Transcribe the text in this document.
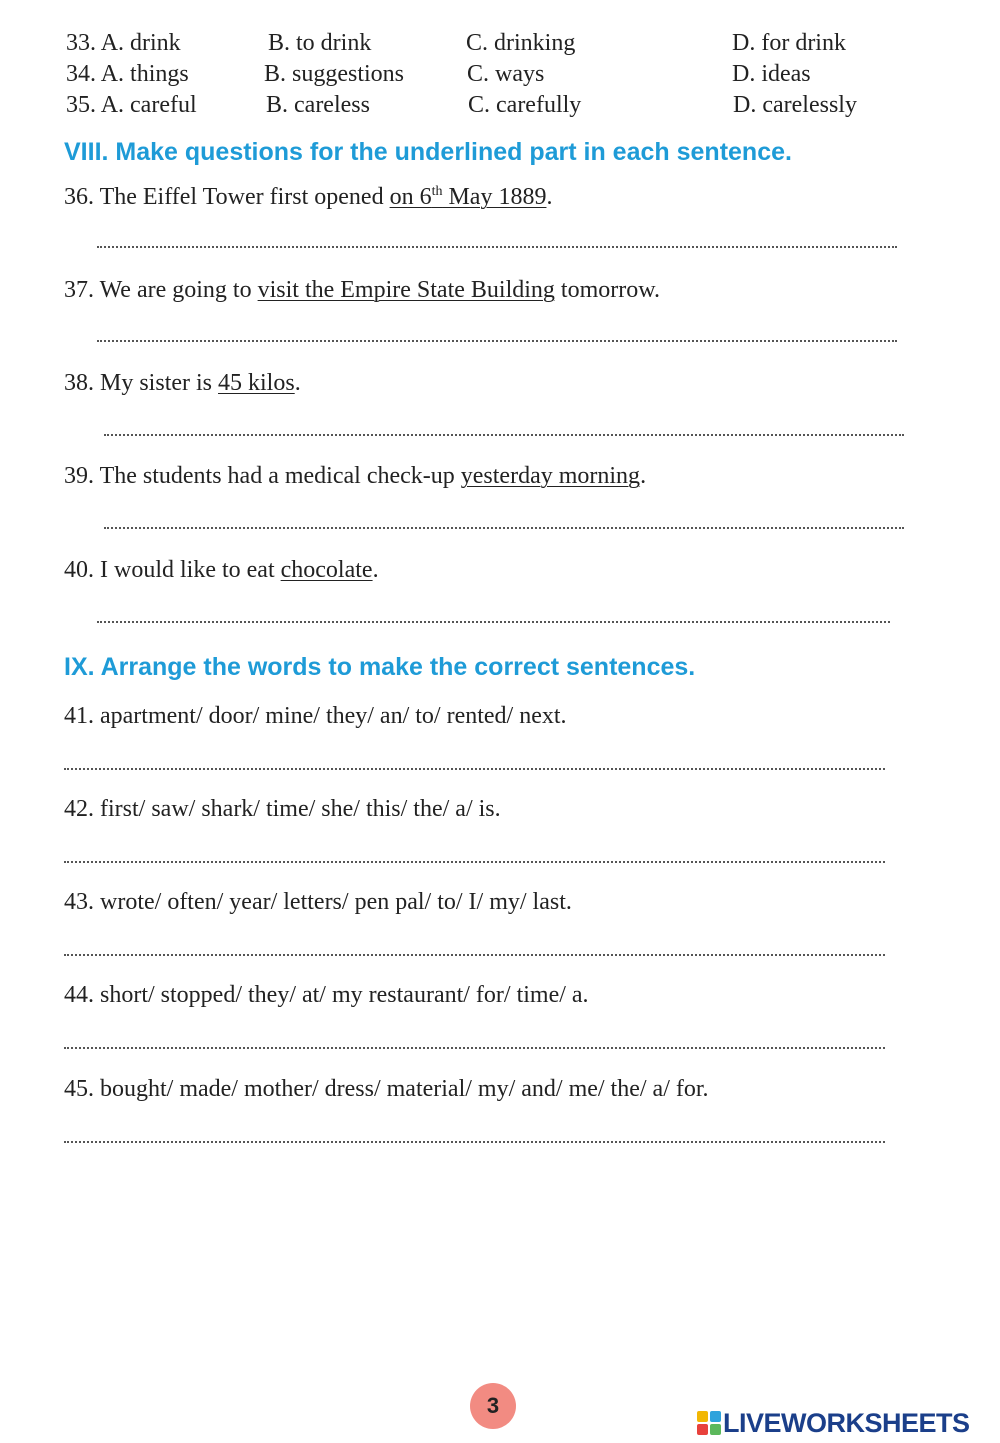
33. A. drink	B. to drink	C. drinking	D. for drink
34. A. things	B. suggestions	C. ways	D. ideas
35. A. careful	B. careless	C. carefully	D. carelessly
VIII. Make questions for the underlined part in each sentence.
36. The Eiffel Tower first opened on 6th May 1889.
37. We are going to visit the Empire State Building tomorrow.
38. My sister is 45 kilos.
39. The students had a medical check-up yesterday morning.
40. I would like to eat chocolate.
IX. Arrange the words to make the correct sentences.
41. apartment/ door/ mine/ they/ an/ to/ rented/ next.
42. first/ saw/ shark/ time/ she/ this/ the/ a/ is.
43. wrote/ often/ year/ letters/ pen pal/ to/ I/ my/ last.
44. short/ stopped/ they/ at/ my restaurant/ for/ time/ a.
45. bought/ made/ mother/ dress/ material/ my/ and/ me/ the/ a/ for.
3
LIVEWORKSHEETS
